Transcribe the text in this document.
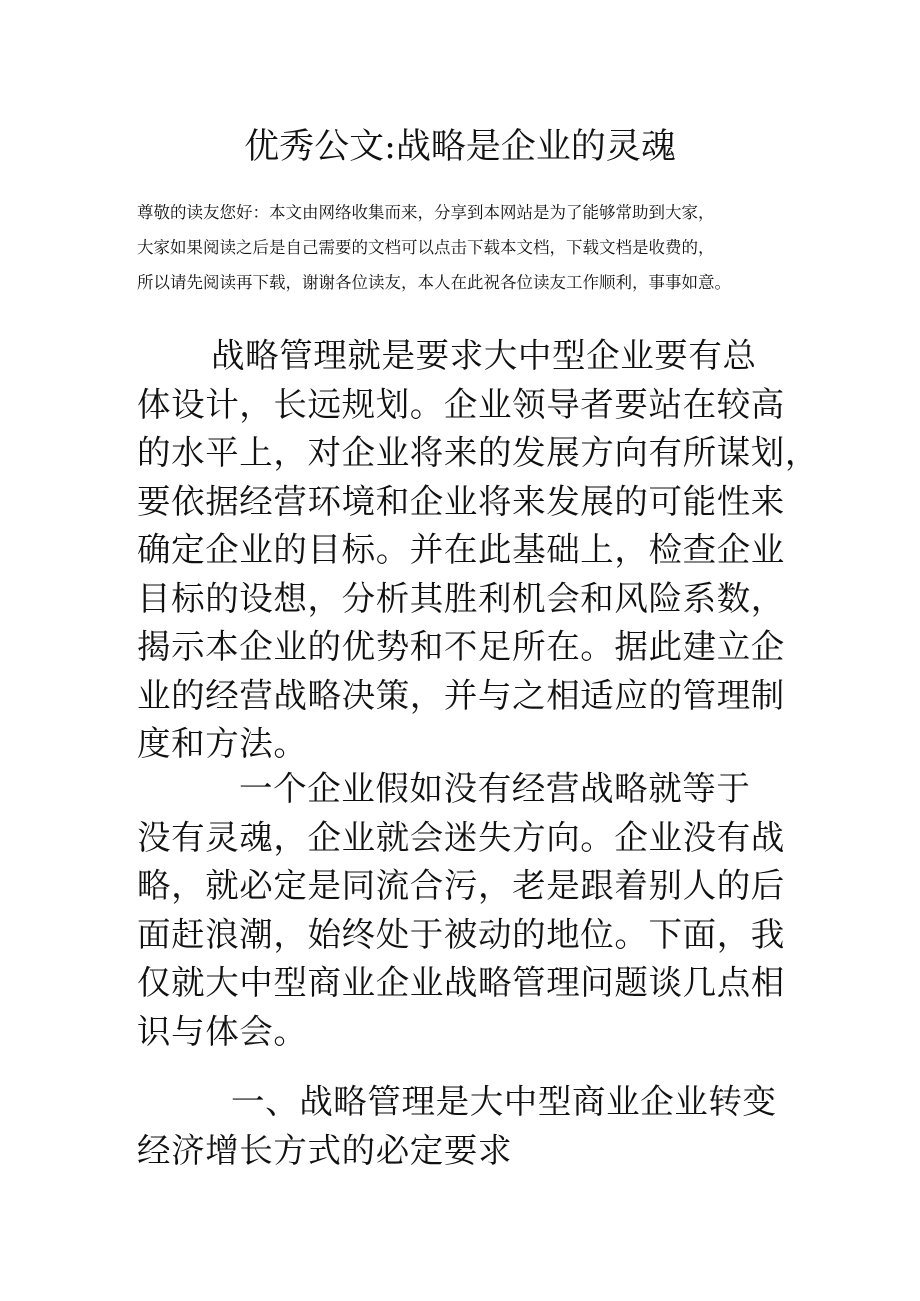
优秀公文:战略是企业的灵魂
尊敬的读友您好：本文由网络收集而来，分享到本网站是为了能够常助到大家，
大家如果阅读之后是自己需要的文档可以点击下载本文档，下载文档是收费的，
所以请先阅读再下载，谢谢各位读友，本人在此祝各位读友工作顺利，事事如意。
战略管理就是要求大中型企业要有总
体设计，长远规划。企业领导者要站在较高
的水平上，对企业将来的发展方向有所谋划，
要依据经营环境和企业将来发展的可能性来
确定企业的目标。并在此基础上，检查企业
目标的设想，分析其胜利机会和风险系数，
揭示本企业的优势和不足所在。据此建立企
业的经营战略决策，并与之相适应的管理制
度和方法。
一个企业假如没有经营战略就等于
没有灵魂，企业就会迷失方向。企业没有战
略，就必定是同流合污，老是跟着别人的后
面赶浪潮，始终处于被动的地位。下面，我
仅就大中型商业企业战略管理问题谈几点相
识与体会。
一、战略管理是大中型商业企业转变
经济增长方式的必定要求
